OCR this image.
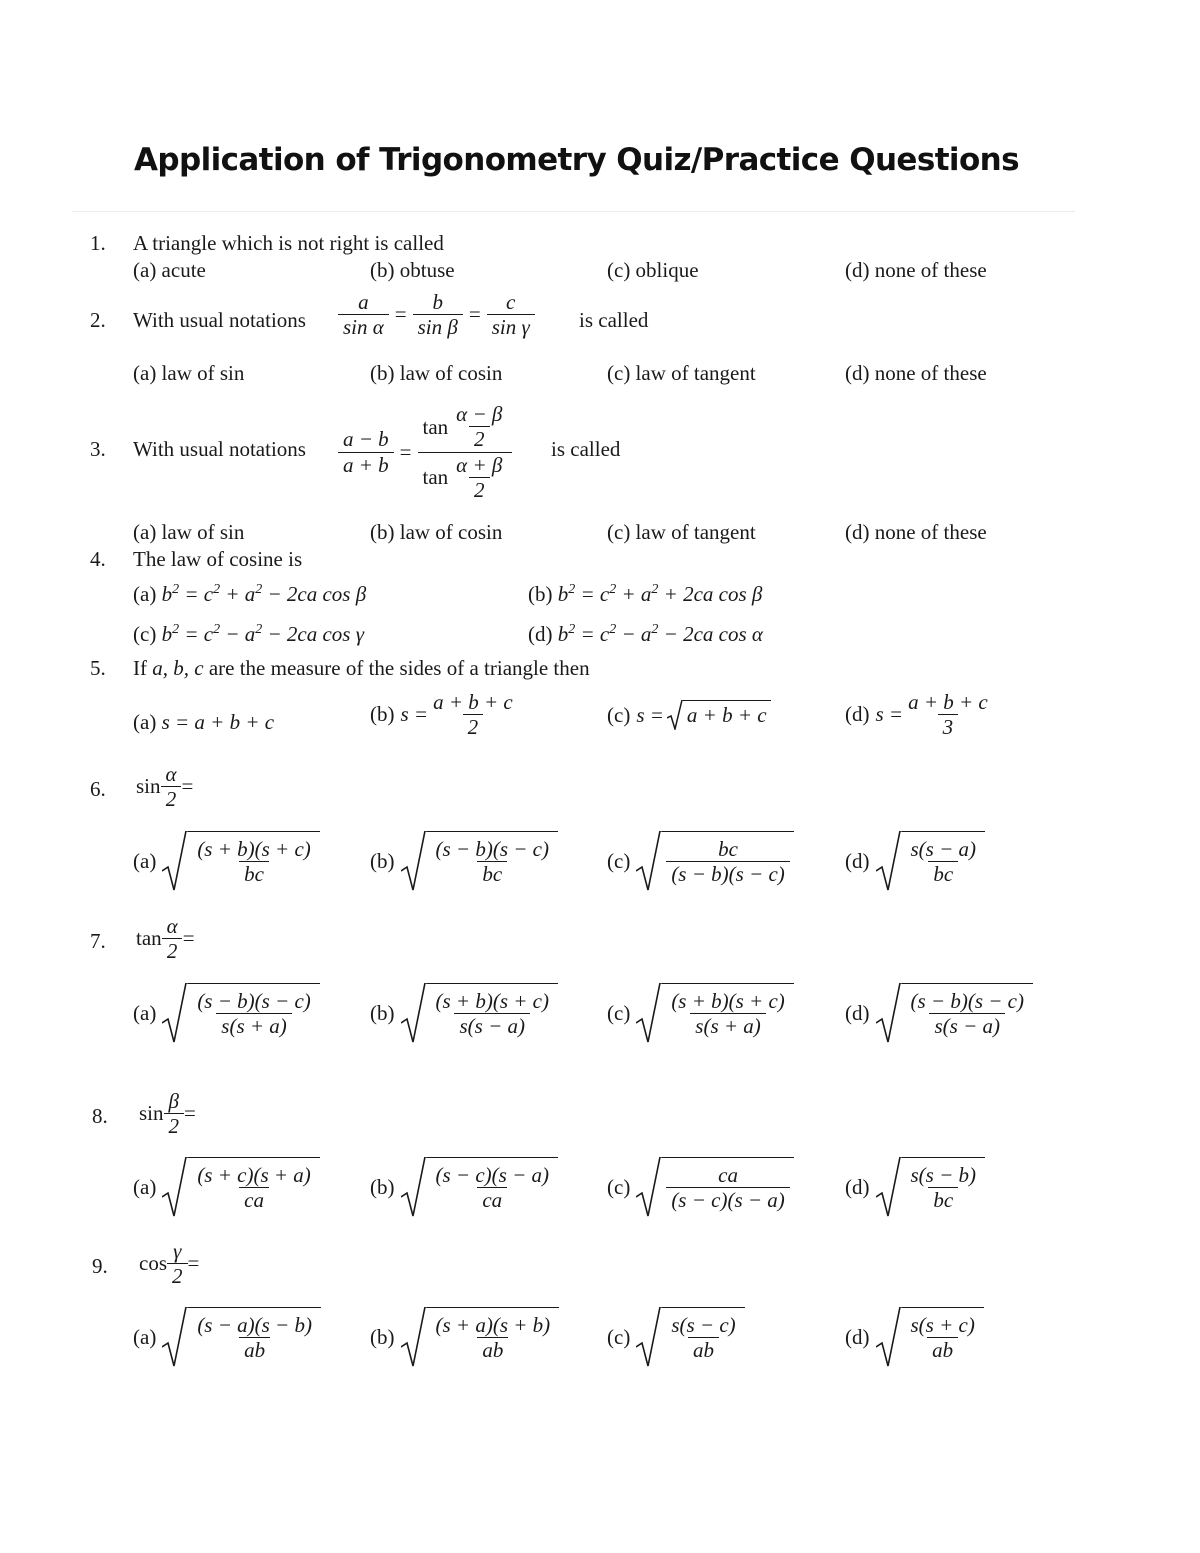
Application of Trigonometry Quiz/Practice Questions
1. A triangle which is not right is called
(a) acute	(b) obtuse	(c) oblique	(d) none of these
2. With usual notations $\frac{a}{\text{sin α}} = \frac{b}{\text{sin β}} = \frac{c}{\text{sin γ}}$ is called
(a) law of sin	(b) law of cosin	(c) law of tangent	(d) none of these
3. With usual notations $\frac{a - b}{a + b} = \frac{\tan \frac{\alpha - \beta}{2}}{\tan \frac{\alpha + \beta}{2}}$ is called
(a) law of sin	(b) law of cosin	(c) law of tangent	(d) none of these
4. The law of cosine is
(a) $b^2 = c^2 + a^2 - 2ca$ cos β	(b) $b^2 = c^2 + a^2 + 2ca$ cos β
(c) $b^2 = c^2 - a^2 - 2ca$ cos γ	(d) $b^2 = c^2 - a^2 - 2ca$ cos α
5. If a, b, c are the measure of the sides of a triangle then
(a) s = a + b + c	(b) $s = \frac{a + b + c}{2}$	(c) s = a + b + c	(d) $s = \frac{a + b + c}{3}$
6. $\sin \frac{\alpha}{2}$ =
$(a) \frac{(s + b)(s + c)}{bc}$	$(b) \frac{(s - b)(s - c)}{bc}$	$(c) \frac{bc}{(s - b)(s - c)}$	$(d) \frac{s(s - a)}{bc}$
7. $\tan \frac{\alpha}{2}$ =
$(a) \frac{(s - b)(s - c)}{s(s + a)}$	$(b) \frac{(s + b)(s + c)}{s(s - a)}$	$(c) \frac{(s + b)(s + c)}{s(s + a)}$	$(d) \frac{(s - b)(s - c)}{s(s - a)}$
8. $\sin \frac{\beta}{2}$ =
$(a) \frac{(s + c)(s + a)}{ca}$	$(b) \frac{(s - c)(s - a)}{ca}$	$(c) \frac{ca}{(s - c)(s - a)}$	$(d) \frac{s(s - b)}{bc}$
9. $\cos \frac{\gamma}{2}$ =
$(a) \frac{(s - a)(s - b)}{ab}$	$(b) \frac{(s + a)(s + b)}{ab} (c) \frac{s(s - c)}{ab}$	$(d) \frac{s(s + c)}{ab}$
